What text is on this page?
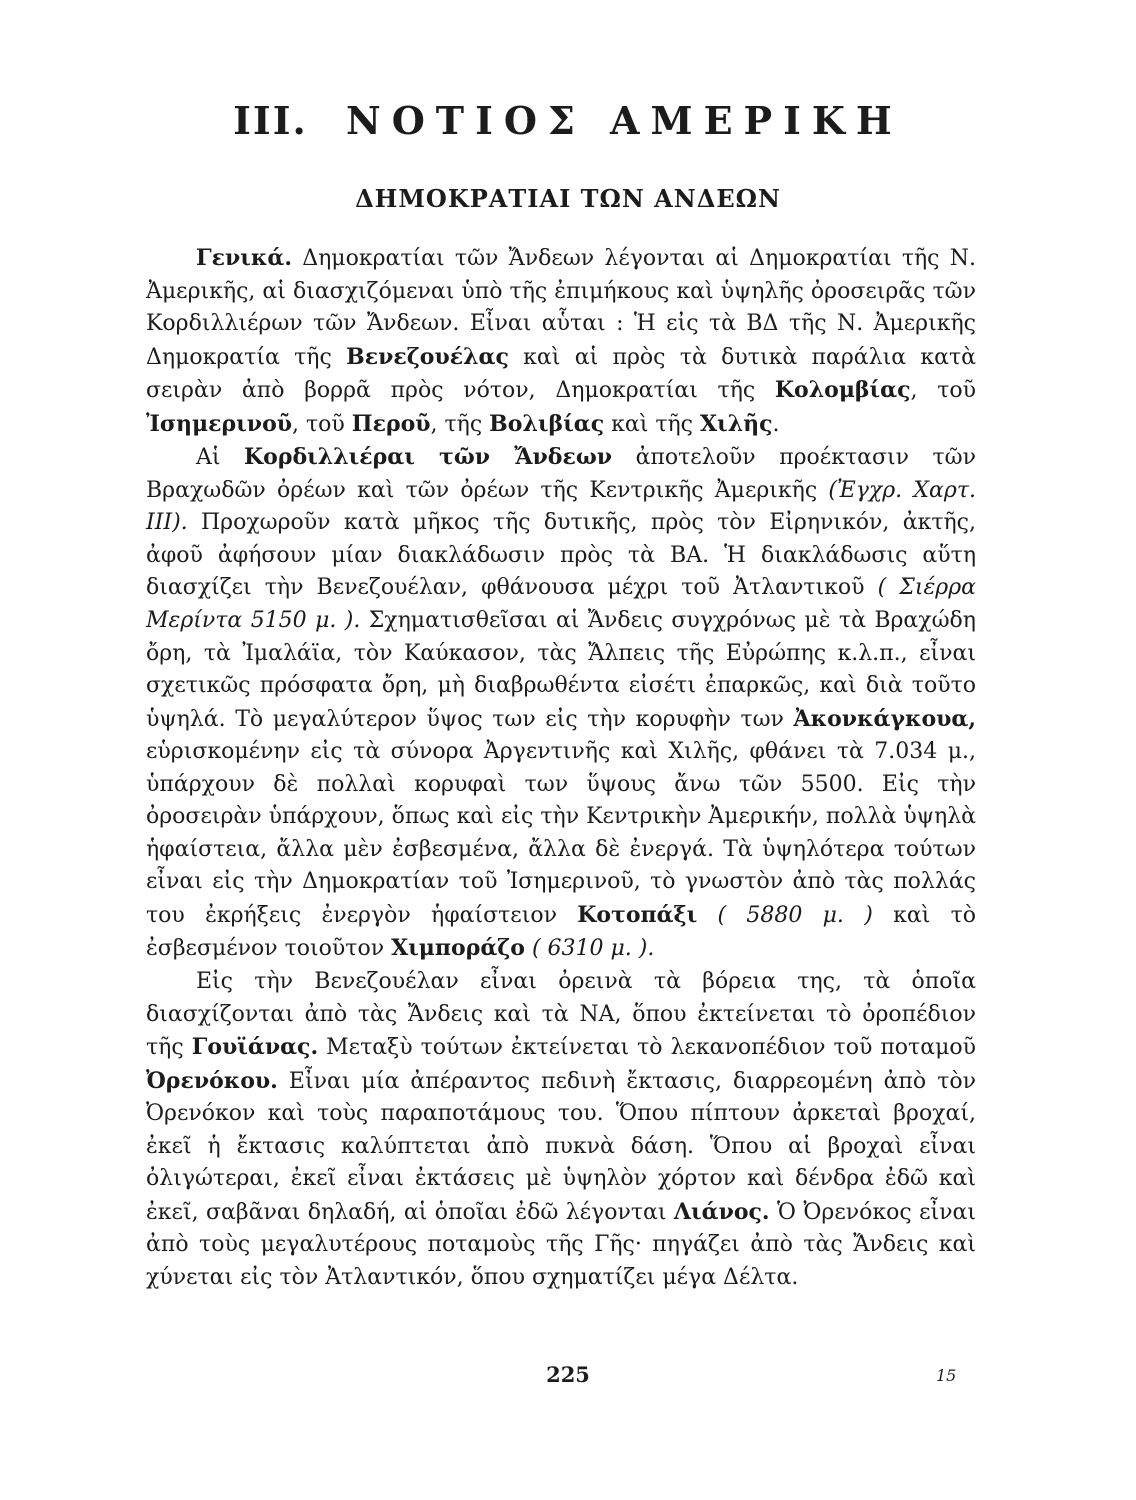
III. ΝΟΤΙΟΣ ΑΜΕΡΙΚΗ
ΔΗΜΟΚΡΑΤΙΑΙ ΤΩΝ ΑΝΔΕΩΝ

Γενικά. Δημοκρατίαι τῶν Ἄνδεων λέγονται αἱ Δημοκρατίαι τῆς Ν. Ἀμερικῆς, αἱ διασχιζόμεναι ὑπὸ τῆς ἐπιμήκους καὶ ὑψηλῆς ὀροσειρᾶς τῶν Κορδιλλιέρων τῶν Ἄνδεων. Εἶναι αὗται : Ἡ εἰς τὰ ΒΔ τῆς Ν. Ἀμερικῆς Δημοκρατία τῆς Βενεζουέλας καὶ αἱ πρὸς τὰ δυτικὰ παράλια κατὰ σειρὰν ἀπὸ βορρᾶ πρὸς νότον, Δημοκρατίαι τῆς Κολομβίας, τοῦ Ἰσημερινοῦ, τοῦ Περοῦ, τῆς Βολιβίας καὶ τῆς Χιλῆς.

Αἱ Κορδιλλιέραι τῶν Ἄνδεων ἀποτελοῦν προέκτασιν τῶν Βραχωδῶν ὀρέων καὶ τῶν ὀρέων τῆς Κεντρικῆς Ἀμερικῆς (Ἐγχρ. Χαρτ. ΙΙΙ). Προχωροῦν κατὰ μῆκος τῆς δυτικῆς, πρὸς τὸν Εἰρηνικόν, ἀκτῆς, ἀφοῦ ἀφήσουν μίαν διακλάδωσιν πρὸς τὰ ΒΑ. Ἡ διακλάδωσις αὕτη διασχίζει τὴν Βενεζουέλαν, φθάνουσα μέχρι τοῦ Ἀτλαντικοῦ ( Σιέρρα Μερίντα 5150 μ. ). Σχηματισθεῖσαι αἱ Ἄνδεις συγχρόνως μὲ τὰ Βραχώδη ὄρη, τὰ Ἰμαλάϊα, τὸν Καύκασον, τὰς Ἄλπεις τῆς Εὐρώπης κ.λ.π., εἶναι σχετικῶς πρόσφατα ὄρη, μὴ διαβρωθέντα εἰσέτι ἐπαρκῶς, καὶ διὰ τοῦτο ὑψηλά. Τὸ μεγαλύτερον ὕψος των εἰς τὴν κορυφὴν των Ἀκονκάγκουα, εὑρισκομένην εἰς τὰ σύνορα Ἀργεντινῆς καὶ Χιλῆς, φθάνει τὰ 7.034 μ., ὑπάρχουν δὲ πολλαὶ κορυφαὶ των ὕψους ἄνω τῶν 5500. Εἰς τὴν ὀροσειρὰν ὑπάρχουν, ὅπως καὶ εἰς τὴν Κεντρικὴν Ἀμερικήν, πολλὰ ὑψηλὰ ἡφαίστεια, ἄλλα μὲν ἐσβεσμένα, ἄλλα δὲ ἐνεργά. Τὰ ὑψηλότερα τούτων εἶναι εἰς τὴν Δημοκρατίαν τοῦ Ἰσημερινοῦ, τὸ γνωστὸν ἀπὸ τὰς πολλάς του ἐκρήξεις ἐνεργὸν ἡφαίστειον Κοτοπάξι ( 5880 μ. ) καὶ τὸ ἐσβεσμένον τοιοῦτον Χιμποράζο ( 6310 μ. ).

Εἰς τὴν Βενεζουέλαν εἶναι ὀρεινὰ τὰ βόρεια της, τὰ ὁποῖα διασχίζονται ἀπὸ τὰς Ἄνδεις καὶ τὰ ΝΑ, ὅπου ἐκτείνεται τὸ ὀροπέδιον τῆς Γουϊάνας. Μεταξὺ τούτων ἐκτείνεται τὸ λεκανοπέδιον τοῦ ποταμοῦ Ὀρενόκου. Εἶναι μία ἀπέραντος πεδινὴ ἔκτασις, διαρρεομένη ἀπὸ τὸν Ὀρενόκον καὶ τοὺς παραποτάμους του. Ὅπου πίπτουν ἀρκεταὶ βροχαί, ἐκεῖ ἡ ἔκτασις καλύπτεται ἀπὸ πυκνὰ δάση. Ὅπου αἱ βροχαὶ εἶναι ὀλιγώτεραι, ἐκεῖ εἶναι ἐκτάσεις μὲ ὑψηλὸν χόρτον καὶ δένδρα ἐδῶ καὶ ἐκεῖ, σαβᾶναι δηλαδή, αἱ ὁποῖαι ἐδῶ λέγονται Λιάνος. Ὁ Ὀρενόκος εἶναι ἀπὸ τοὺς μεγαλυτέρους ποταμοὺς τῆς Γῆς· πηγάζει ἀπὸ τὰς Ἄνδεις καὶ χύνεται εἰς τὸν Ἀτλαντικόν, ὅπου σχηματίζει μέγα Δέλτα.

225	15
